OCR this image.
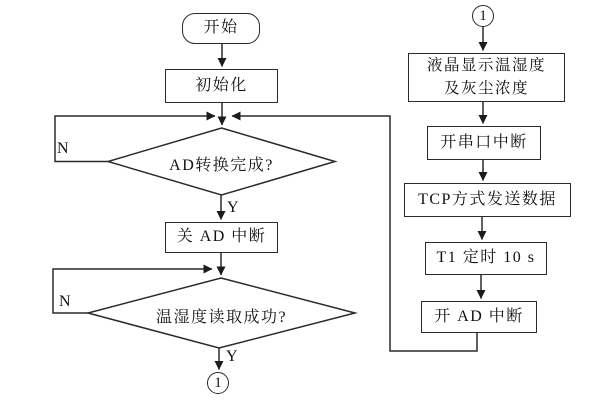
开始
初始化
AD转换完成?
关 AD 中断
温湿度读取成功?
1
N
Y
N
Y
1
液晶显示温湿度
及灰尘浓度
开串口中断
TCP方式发送数据
T1 定时 10 s
开 AD 中断
